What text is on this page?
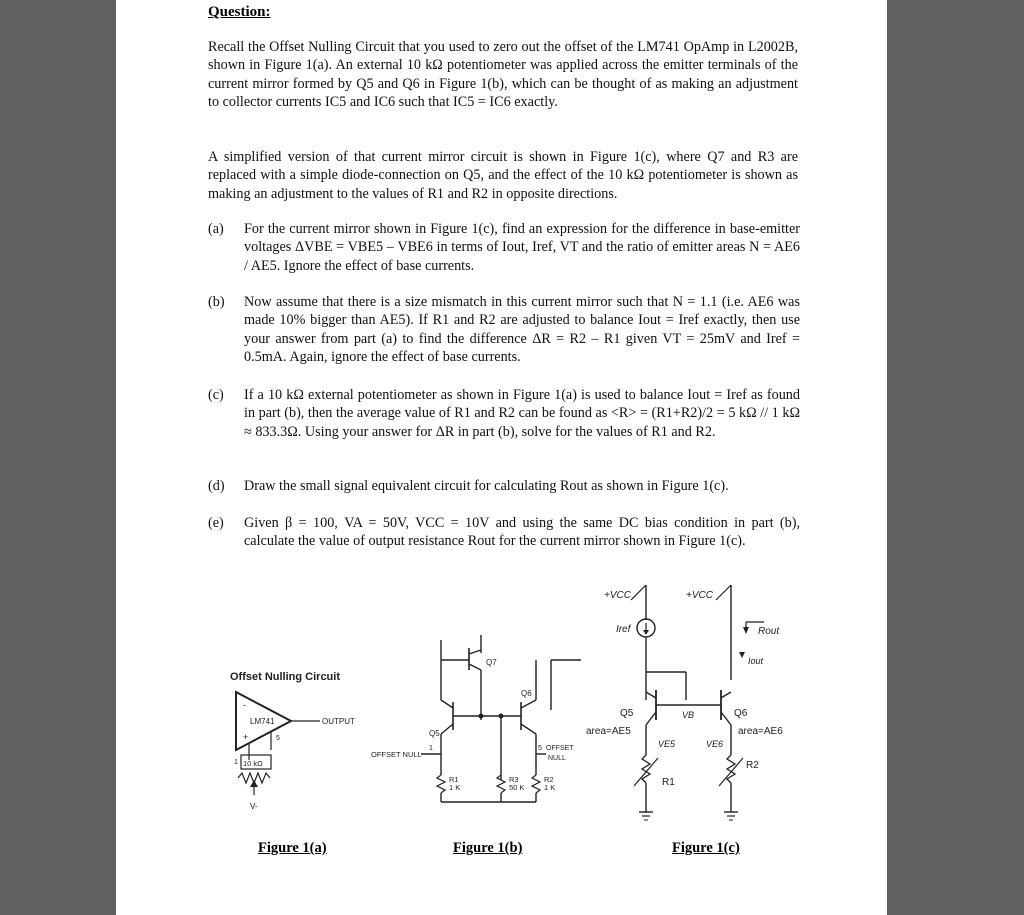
Question:
Recall the Offset Nulling Circuit that you used to zero out the offset of the LM741 OpAmp in L2002B, shown in Figure 1(a). An external 10 kΩ potentiometer was applied across the emitter terminals of the current mirror formed by Q5 and Q6 in Figure 1(b), which can be thought of as making an adjustment to collector currents IC5 and IC6 such that IC5 = IC6 exactly.
A simplified version of that current mirror circuit is shown in Figure 1(c), where Q7 and R3 are replaced with a simple diode-connection on Q5, and the effect of the 10 kΩ potentiometer is shown as making an adjustment to the values of R1 and R2 in opposite directions.
(a)	For the current mirror shown in Figure 1(c), find an expression for the difference in base-emitter voltages ΔVBE = VBE5 – VBE6 in terms of Iout, Iref, VT and the ratio of emitter areas N = AE6 / AE5. Ignore the effect of base currents.
(b)	Now assume that there is a size mismatch in this current mirror such that N = 1.1 (i.e. AE6 was made 10% bigger than AE5). If R1 and R2 are adjusted to balance Iout = Iref exactly, then use your answer from part (a) to find the difference ΔR = R2 – R1 given VT = 25mV and Iref = 0.5mA. Again, ignore the effect of base currents.
(c)	If a 10 kΩ external potentiometer as shown in Figure 1(a) is used to balance Iout = Iref as found in part (b), then the average value of R1 and R2 can be found as <R> = (R1+R2)/2 = 5 kΩ // 1 kΩ ≈ 833.3Ω. Using your answer for ΔR in part (b), solve for the values of R1 and R2.
(d)	Draw the small signal equivalent circuit for calculating Rout as shown in Figure 1(c).
(e)	Given β = 100, VA = 50V, VCC = 10V and using the same DC bias condition in part (b), calculate the value of output resistance Rout for the current mirror shown in Figure 1(c).
Offset Nulling Circuit
LM741
-
+
OUTPUT
1
5
10 kΩ
V-
Figure 1(a)
Q7
Q5
Q6
OFFSET NULL
1	5 OFFSET
NULL
R1
1 K
R3
50 K
R2
1 K
Figure 1(b)
+VCC	+VCC
Iref	Rout
Iout
Q5
area=AE5
Q6
area=AE6
VB
VE5	VE6
R1
R2
Figure 1(c)
